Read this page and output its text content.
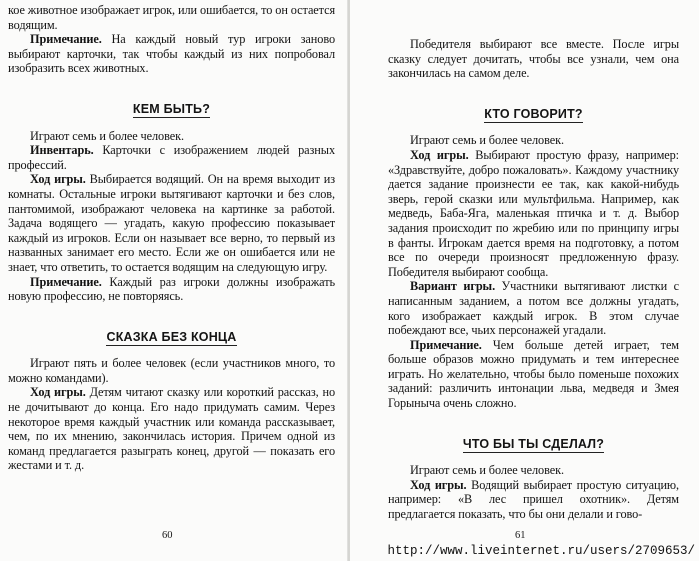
кое животное изображает игрок, или ошибается, то он остается водящим.

Примечание. На каждый новый тур игроки заново выбирают карточки, так чтобы каждый из них попробовал изобразить всех животных.

КЕМ БЫТЬ?

Играют семь и более человек.

Инвентарь. Карточки с изображением людей разных профессий.

Ход игры. Выбирается водящий. Он на время выходит из комнаты. Остальные игроки вытягивают карточки и без слов, пантомимой, изображают человека на картинке за работой. Задача водящего — угадать, какую профессию показывает каждый из игроков. Если он называет все верно, то первый из названных занимает его место. Если же он ошибается или не знает, что ответить, то остается водящим на следующую игру.

Примечание. Каждый раз игроки должны изображать новую профессию, не повторяясь.

СКАЗКА БЕЗ КОНЦА

Играют пять и более человек (если участников много, то можно командами).

Ход игры. Детям читают сказку или короткий рассказ, но не дочитывают до конца. Его надо придумать самим. Через некоторое время каждый участник или команда рассказывает, чем, по их мнению, закончилась история. Причем одной из команд предлагается разыграть конец, другой — показать его жестами и т. д.

60

Победителя выбирают все вместе. После игры сказку следует дочитать, чтобы все узнали, чем она закончилась на самом деле.

КТО ГОВОРИТ?

Играют семь и более человек.

Ход игры. Выбирают простую фразу, например: «Здравствуйте, добро пожаловать». Каждому участнику дается задание произнести ее так, как какой-нибудь зверь, герой сказки или мультфильма. Например, как медведь, Баба-Яга, маленькая птичка и т. д. Выбор задания происходит по жребию или по принципу игры в фанты. Игрокам дается время на подготовку, а потом все по очереди произносят предложенную фразу. Победителя выбирают сообща.

Вариант игры. Участники вытягивают листки с написанным заданием, а потом все должны угадать, кого изображает каждый игрок. В этом случае побеждают все, чьих персонажей угадали.

Примечание. Чем больше детей играет, тем больше образов можно придумать и тем интереснее играть. Но желательно, чтобы было поменьше похожих заданий: различить интонации льва, медведя и Змея Горыныча очень сложно.

ЧТО БЫ ТЫ СДЕЛАЛ?

Играют семь и более человек.

Ход игры. Водящий выбирает простую ситуацию, например: «В лес пришел охотник». Детям предлагается показать, что бы они делали и гово-

61
http://www.liveinternet.ru/users/2709653/
